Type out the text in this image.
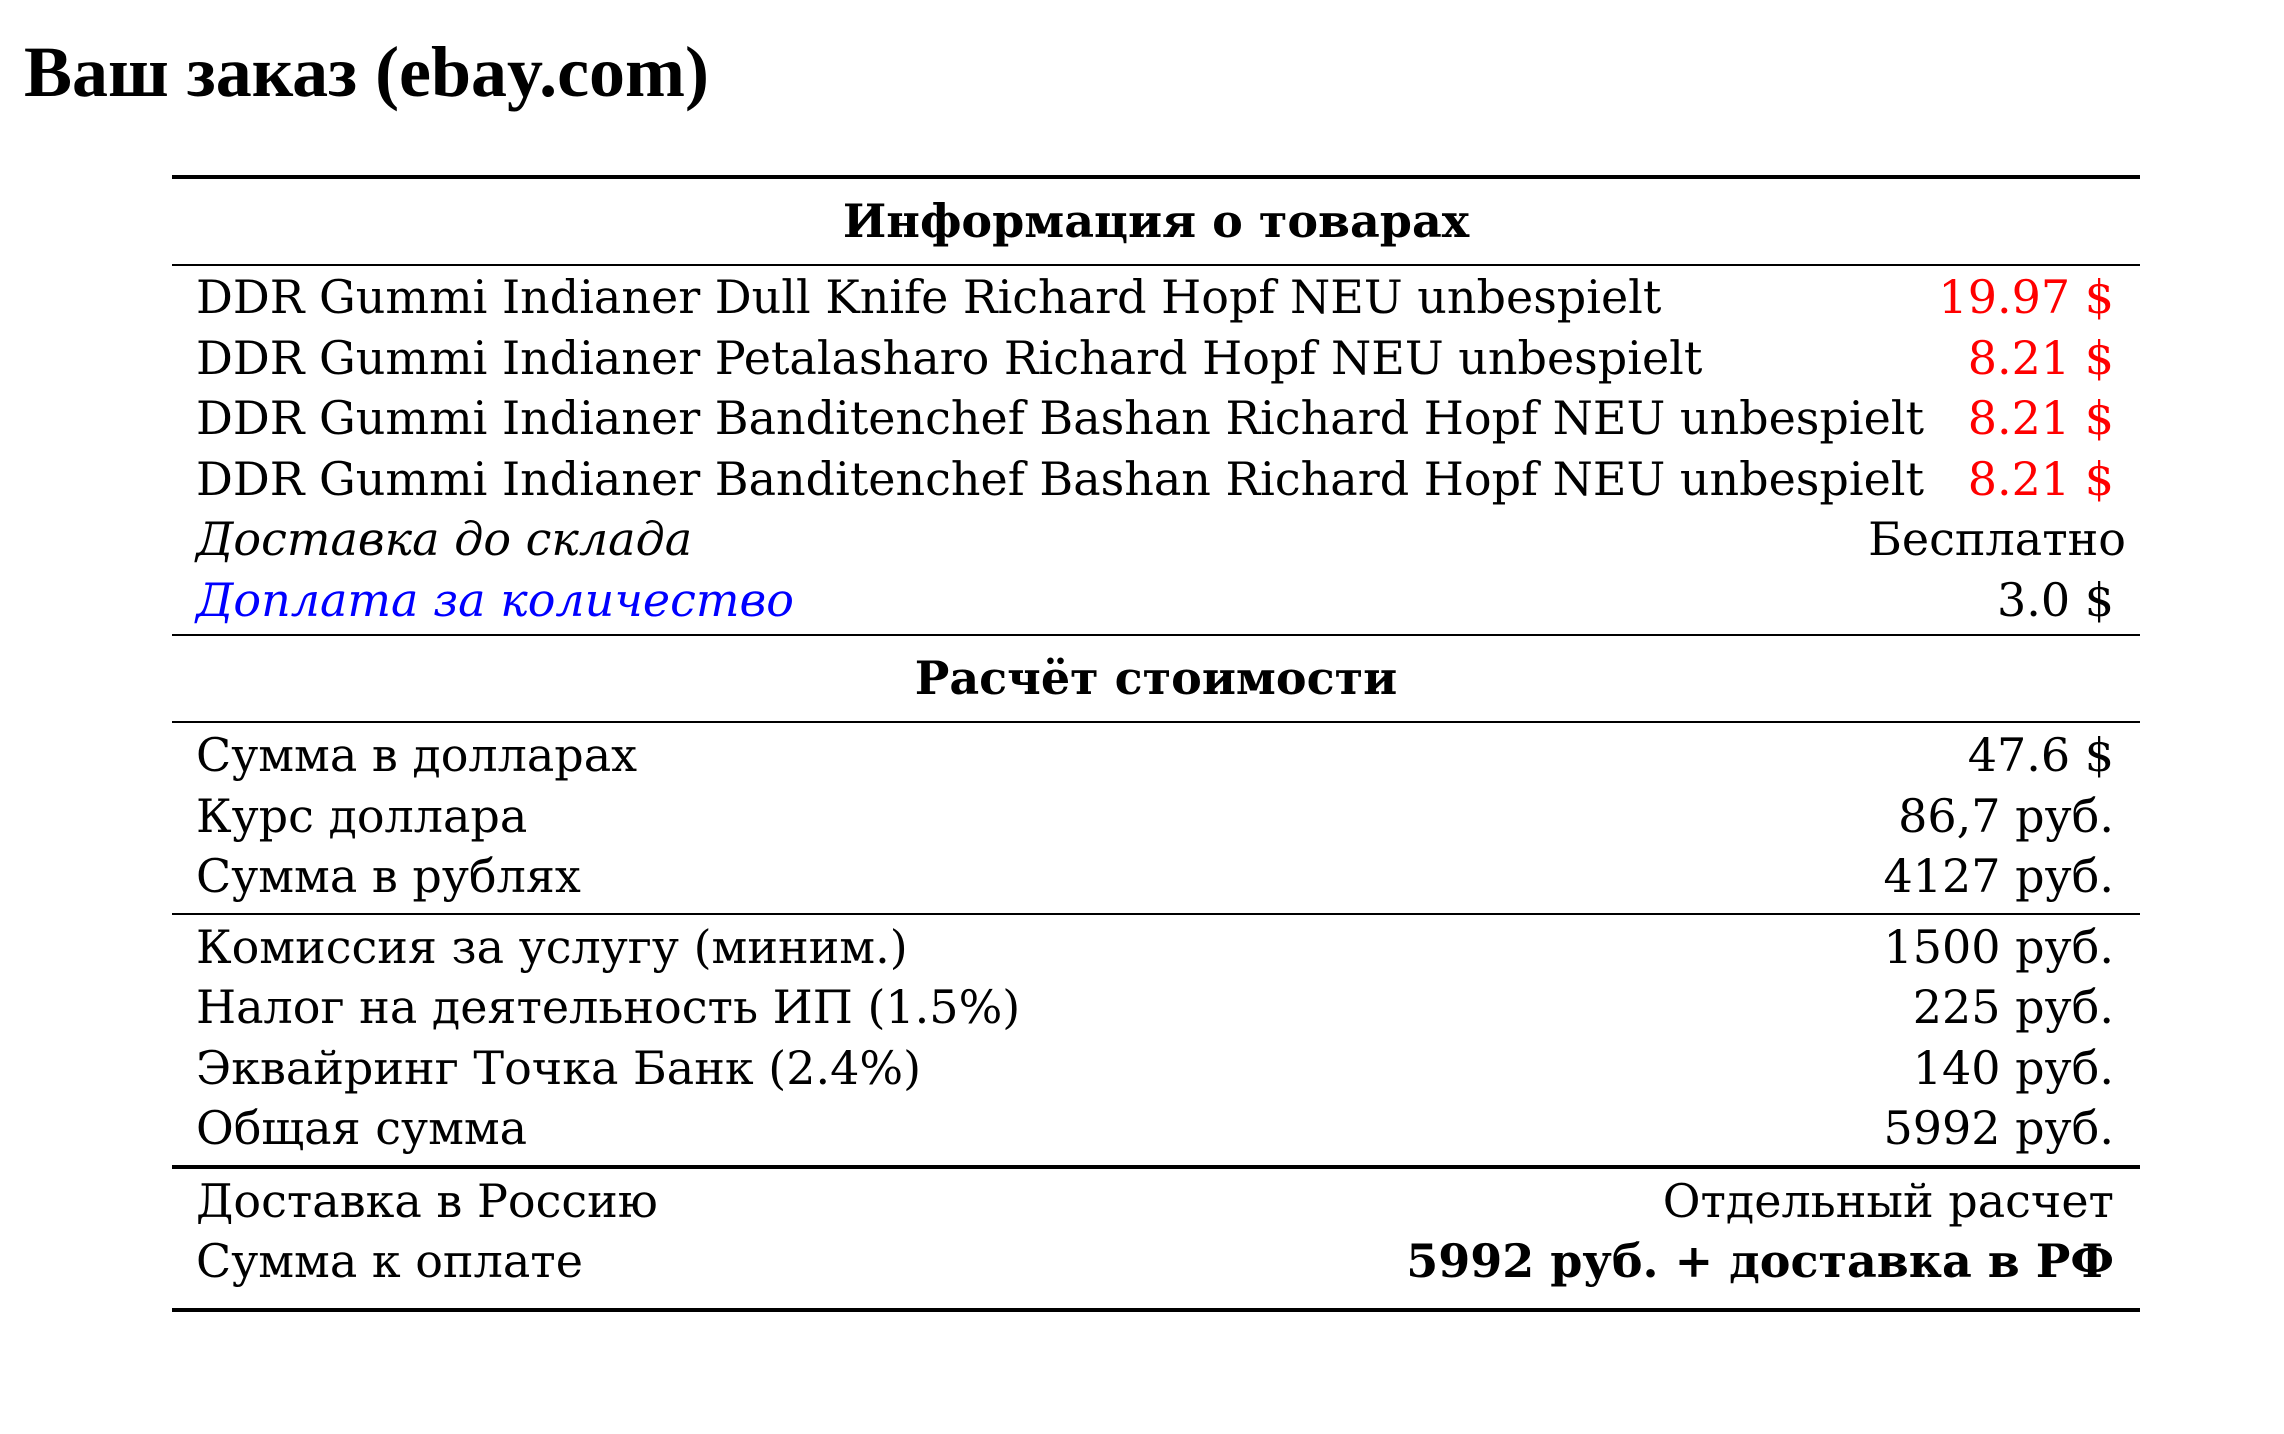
Ваш заказ (ebay.com)
Информация о товарах
DDR Gummi Indianer Dull Knife Richard Hopf NEU unbespielt	19.97 $
DDR Gummi Indianer Petalasharo Richard Hopf NEU unbespielt	8.21 $
DDR Gummi Indianer Banditenchef Bashan Richard Hopf NEU unbespielt 8.21 $
DDR Gummi Indianer Banditenchef Bashan Richard Hopf NEU unbespielt 8.21 $
Доставка до склада	Бесплатно
Доплата за количество	3.0 $
Расчёт стоимости
Сумма в долларах	47.6 $
Курс доллара	86,7 руб.
Сумма в рублях	4127 руб.
Комиссия за услугу (миним.)	1500 руб.
Налог на деятельность ИП (1.5%)	225 руб.
Эквайринг Точка Банк (2.4%)	140 руб.
Общая сумма	5992 руб.
Доставка в Россию	Отдельный расчет
Сумма к оплате	5992 руб. + доставка в РФ
